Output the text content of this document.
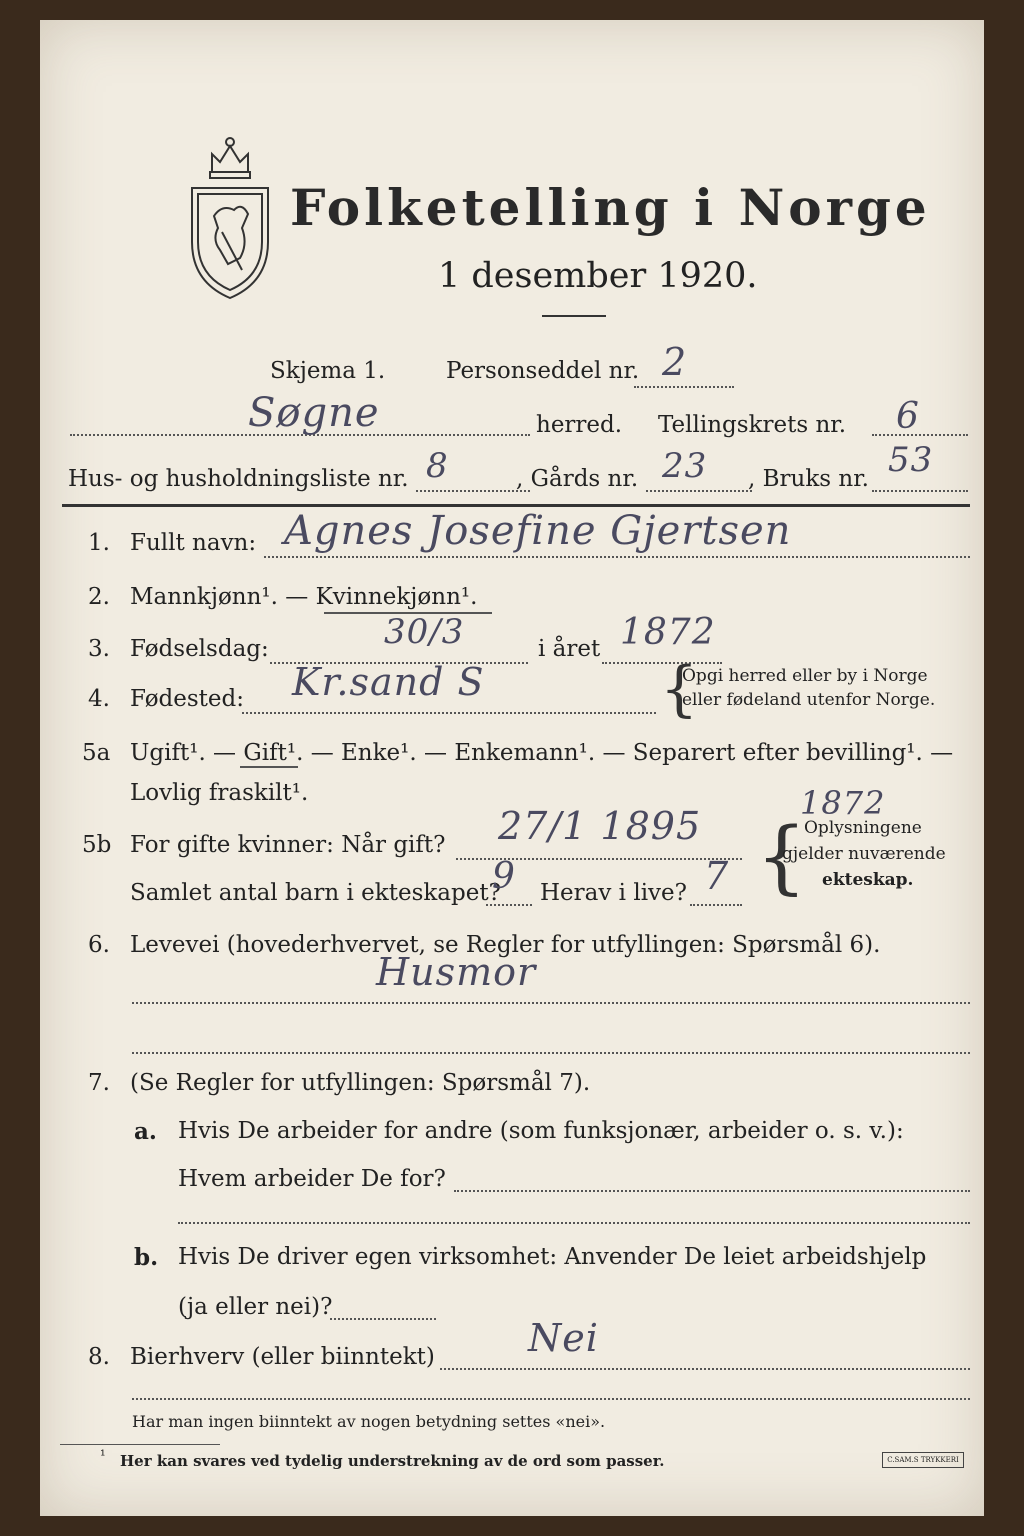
Folketelling i Norge
1 desember 1920.
Skjema 1.	Personseddel nr. 2
Søgne	herred. Tellingskrets nr. 6
Hus- og husholdningsliste nr. 8	, Gårds nr. 23 , Bruks nr. 53
1. Fullt navn: Agnes Josefine Gjertsen
2. Mannkjønn¹. — Kvinnekjønn¹.
3. Fødselsdag:	30/3	i året 1872
4. Fødested: Kr.sand S	{
Opgi herred eller by i Norge
eller fødeland utenfor Norge.
5a Ugift¹. — Gift¹. — Enke¹. — Enkemann¹. — Separert efter bevilling¹. —
Lovlig fraskilt¹.
5b For gifte kvinner: Når gift? 27/1 1895
1872
{
Oplysningene
gjelder nuværende
ekteskap.
Samlet antal barn i ekteskapet?
9 Herav i live? 7
6. Levevei (hovederhvervet, se Regler for utfyllingen: Spørsmål 6).
Husmor
7. (Se Regler for utfyllingen: Spørsmål 7).
a. Hvis De arbeider for andre (som funksjonær, arbeider o. s. v.):
Hvem arbeider De for?
b. Hvis De driver egen virksomhet: Anvender De leiet arbeidshjelp
(ja eller nei)?
8. Bierhverv (eller biinntekt) Nei
Har man ingen biinntekt av nogen betydning settes «nei».
¹ Her kan svares ved tydelig understrekning av de ord som passer.	C.SAM.S TRYKKERI
